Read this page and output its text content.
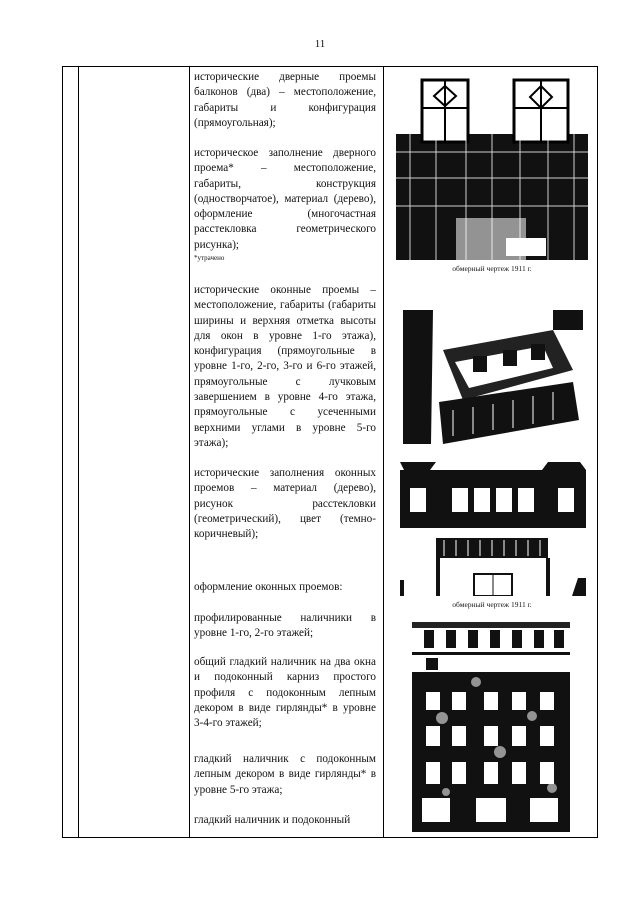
11
исторические дверные проемы балконов (два) – местоположение, габариты и конфигурация (прямоугольная);

историческое заполнение дверного проема* – местоположение, габариты, конструкция (одностворчатое), материал (дерево), оформление (многочастная расстекловка геометрического рисунка);

*утрачено

исторические оконные проемы – местоположение, габариты (габариты ширины и верхняя отметка высоты для окон в уровне 1-го этажа), конфигурация (прямоугольные в уровне 1-го, 2-го, 3-го и 6-го этажей, прямоугольные с лучковым завершением в уровне 4-го этажа, прямоугольные с усеченными верхними углами в уровне 5-го этажа);
исторические заполнения оконных проемов – материал (дерево), рисунок расстекловки (геометрический), цвет (темно-коричневый);
оформление оконных проемов:
профилированные наличники в уровне 1-го, 2-го этажей;
общий гладкий наличник на два окна и подоконный карниз простого профиля с подоконным лепным декором в виде гирлянды* в уровне 3-4-го этажей;
гладкий наличник с подоконным лепным декором в виде гирлянды* в уровне 5-го этажа;
гладкий наличник и подоконный
обмерный чертеж 1911 г.
обмерный чертеж 1911 г.
